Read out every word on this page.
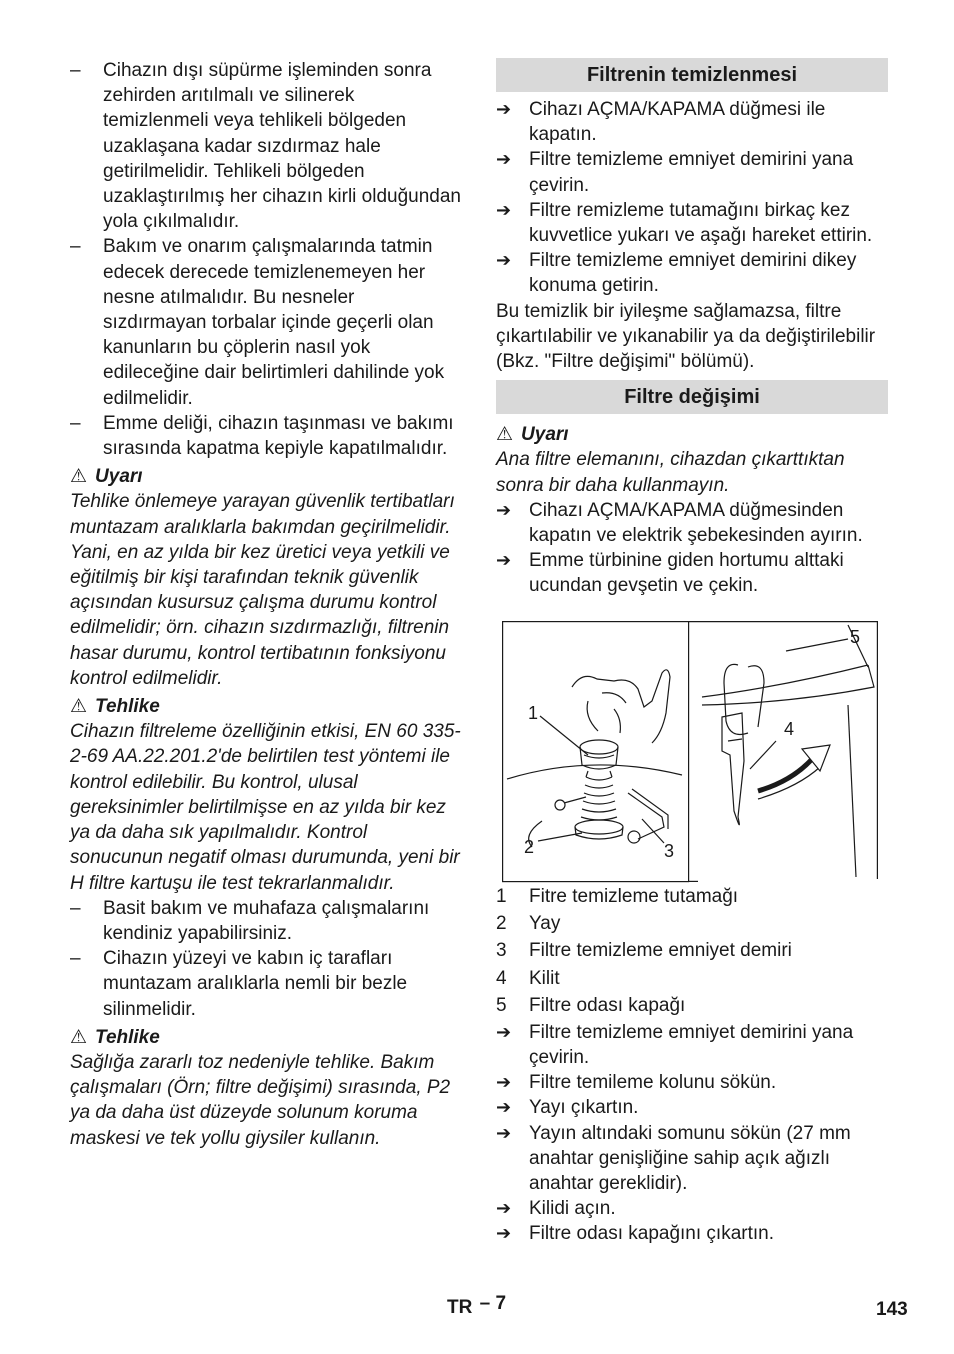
– Cihazın dışı süpürme işleminden sonra zehirden arıtılmalı ve silinerek temizlenmeli veya tehlikeli bölgeden uzaklaşana kadar sızdırmaz hale getirilmelidir. Tehlikeli bölgeden uzaklaştırılmış her cihazın kirli olduğundan yola çıkılmalıdır.
– Bakım ve onarım çalışmalarında tatmin edecek derecede temizlenemeyen her nesne atılmalıdır. Bu nesneler sızdırmayan torbalar içinde geçerli olan kanunların bu çöplerin nasıl yok edileceğine dair belirtimleri dahilinde yok edilmelidir.
– Emme deliği, cihazın taşınması ve bakımı sırasında kapatma kepiyle kapatılmalıdır.
⚠ Uyarı
Tehlike önlemeye yarayan güvenlik tertibatları muntazam aralıklarla bakımdan geçirilmelidir. Yani, en az yılda bir kez üretici veya yetkili ve eğitilmiş bir kişi tarafından teknik güvenlik açısından kusursuz çalışma durumu kontrol edilmelidir; örn. cihazın sızdırmazlığı, filtrenin hasar durumu, kontrol tertibatının fonksiyonu kontrol edilmelidir.
⚠ Tehlike
Cihazın filtreleme özelliğinin etkisi, EN 60 335-2-69 AA.22.201.2'de belirtilen test yöntemi ile kontrol edilebilir. Bu kontrol, ulusal gereksinimler belirtilmişse en az yılda bir kez ya da daha sık yapılmalıdır. Kontrol sonucunun negatif olması durumunda, yeni bir H filtre kartuşu ile test tekrarlanmalıdır.
– Basit bakım ve muhafaza çalışmalarını kendiniz yapabilirsiniz.
– Cihazın yüzeyi ve kabın iç tarafları muntazam aralıklarla nemli bir bezle silinmelidir.
⚠ Tehlike
Sağlığa zararlı toz nedeniyle tehlike. Bakım çalışmaları (Örn; filtre değişimi) sırasında, P2 ya da daha üst düzeyde solunum koruma maskesi ve tek yollu giysiler kullanın.
Filtrenin temizlenmesi
➔ Cihazı AÇMA/KAPAMA düğmesi ile kapatın.
➔ Filtre temizleme emniyet demirini yana çevirin.
➔ Filtre remizleme tutamağını birkaç kez kuvvetlice yukarı ve aşağı hareket ettirin.
➔ Filtre temizleme emniyet demirini dikey konuma getirin.
Bu temizlik bir iyileşme sağlamazsa, filtre çıkartılabilir ve yıkanabilir ya da değiştirilebilir (Bkz. "Filtre değişimi" bölümü).
Filtre değişimi
⚠ Uyarı
Ana filtre elemanını, cihazdan çıkarttıktan sonra bir daha kullanmayın.
➔ Cihazı AÇMA/KAPAMA düğmesinden kapatın ve elektrik şebekesinden ayırın.
➔ Emme türbinine giden hortumu alttaki ucundan gevşetin ve çekin.
1
2	3
4
5
1 Fitre temizleme tutamağı
2 Yay
3 Filtre temizleme emniyet demiri
4 Kilit
5 Filtre odası kapağı
➔ Filtre temizleme emniyet demirini yana çevirin.
➔ Filtre temileme kolunu sökün.
➔ Yayı çıkartın.
➔ Yayın altındaki somunu sökün (27 mm anahtar genişliğine sahip açık ağızlı anahtar gereklidir).
➔ Kilidi açın.
➔ Filtre odası kapağını çıkartın.
TR – 7	143
